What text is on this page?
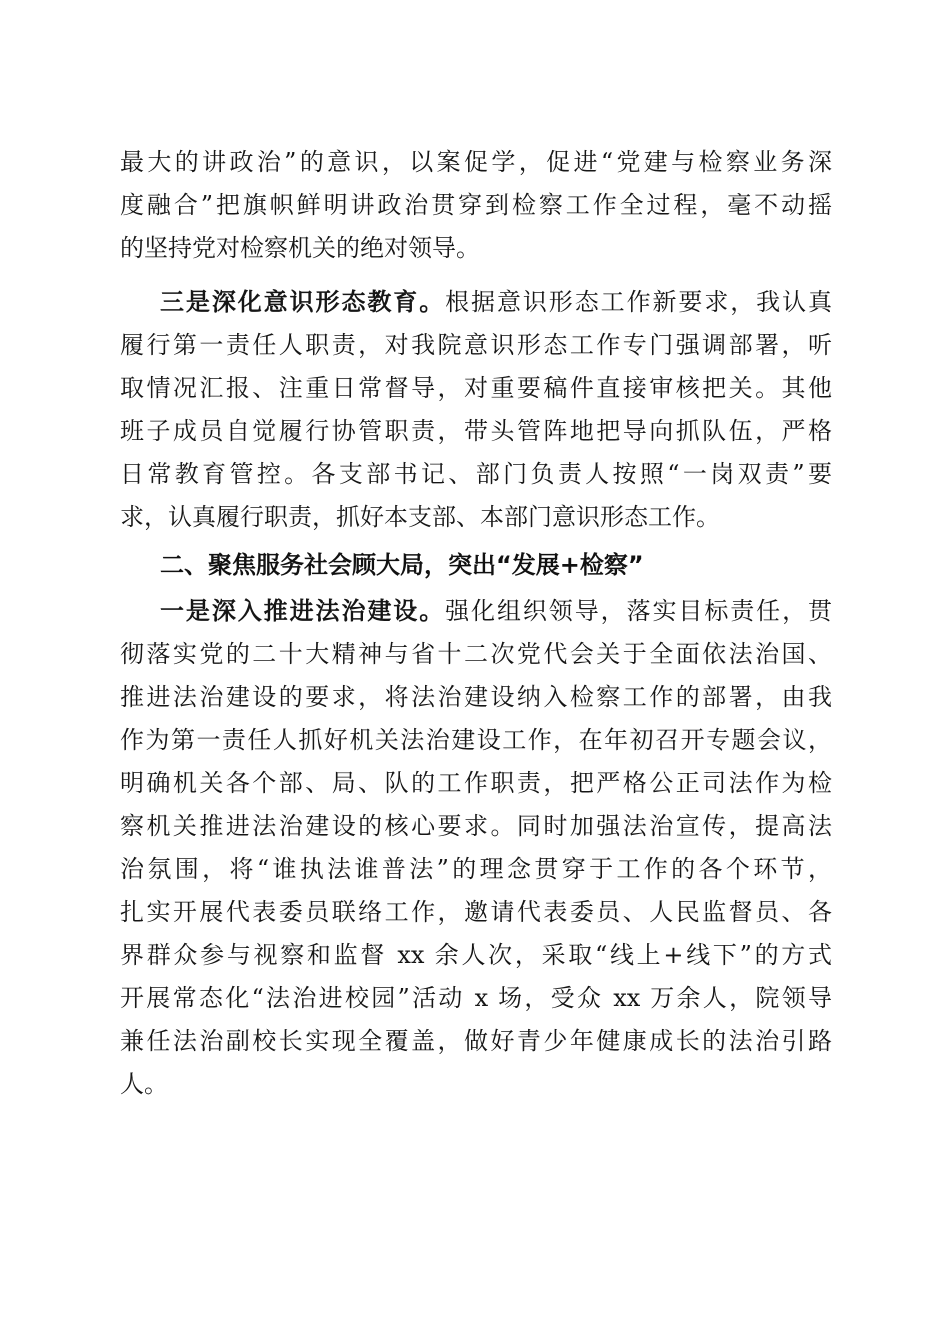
最大的讲政治”的意识，以案促学，促进“党建与检察业务深

度融合”把旗帜鲜明讲政治贯穿到检察工作全过程，毫不动摇

的坚持党对检察机关的绝对领导。

三是深化意识形态教育。根据意识形态工作新要求，我认真

履行第一责任人职责，对我院意识形态工作专门强调部署，听

取情况汇报、注重日常督导，对重要稿件直接审核把关。其他

班子成员自觉履行协管职责，带头管阵地把导向抓队伍，严格

日常教育管控。各支部书记、部门负责人按照“一岗双责”要

求，认真履行职责，抓好本支部、本部门意识形态工作。

二、聚焦服务社会顾大局，突出“发展+检察”

一是深入推进法治建设。强化组织领导，落实目标责任，贯

彻落实党的二十大精神与省十二次党代会关于全面依法治国、

推进法治建设的要求，将法治建设纳入检察工作的部署，由我

作为第一责任人抓好机关法治建设工作，在年初召开专题会议，

明确机关各个部、局、队的工作职责，把严格公正司法作为检

察机关推进法治建设的核心要求。同时加强法治宣传，提高法

治氛围，将“谁执法谁普法”的理念贯穿于工作的各个环节，

扎实开展代表委员联络工作，邀请代表委员、人民监督员、各

界群众参与视察和监督 xx 余人次，采取“线上+线下”的方式

开展常态化“法治进校园”活动 x 场，受众 xx 万余人，院领导

兼任法治副校长实现全覆盖，做好青少年健康成长的法治引路

人。
